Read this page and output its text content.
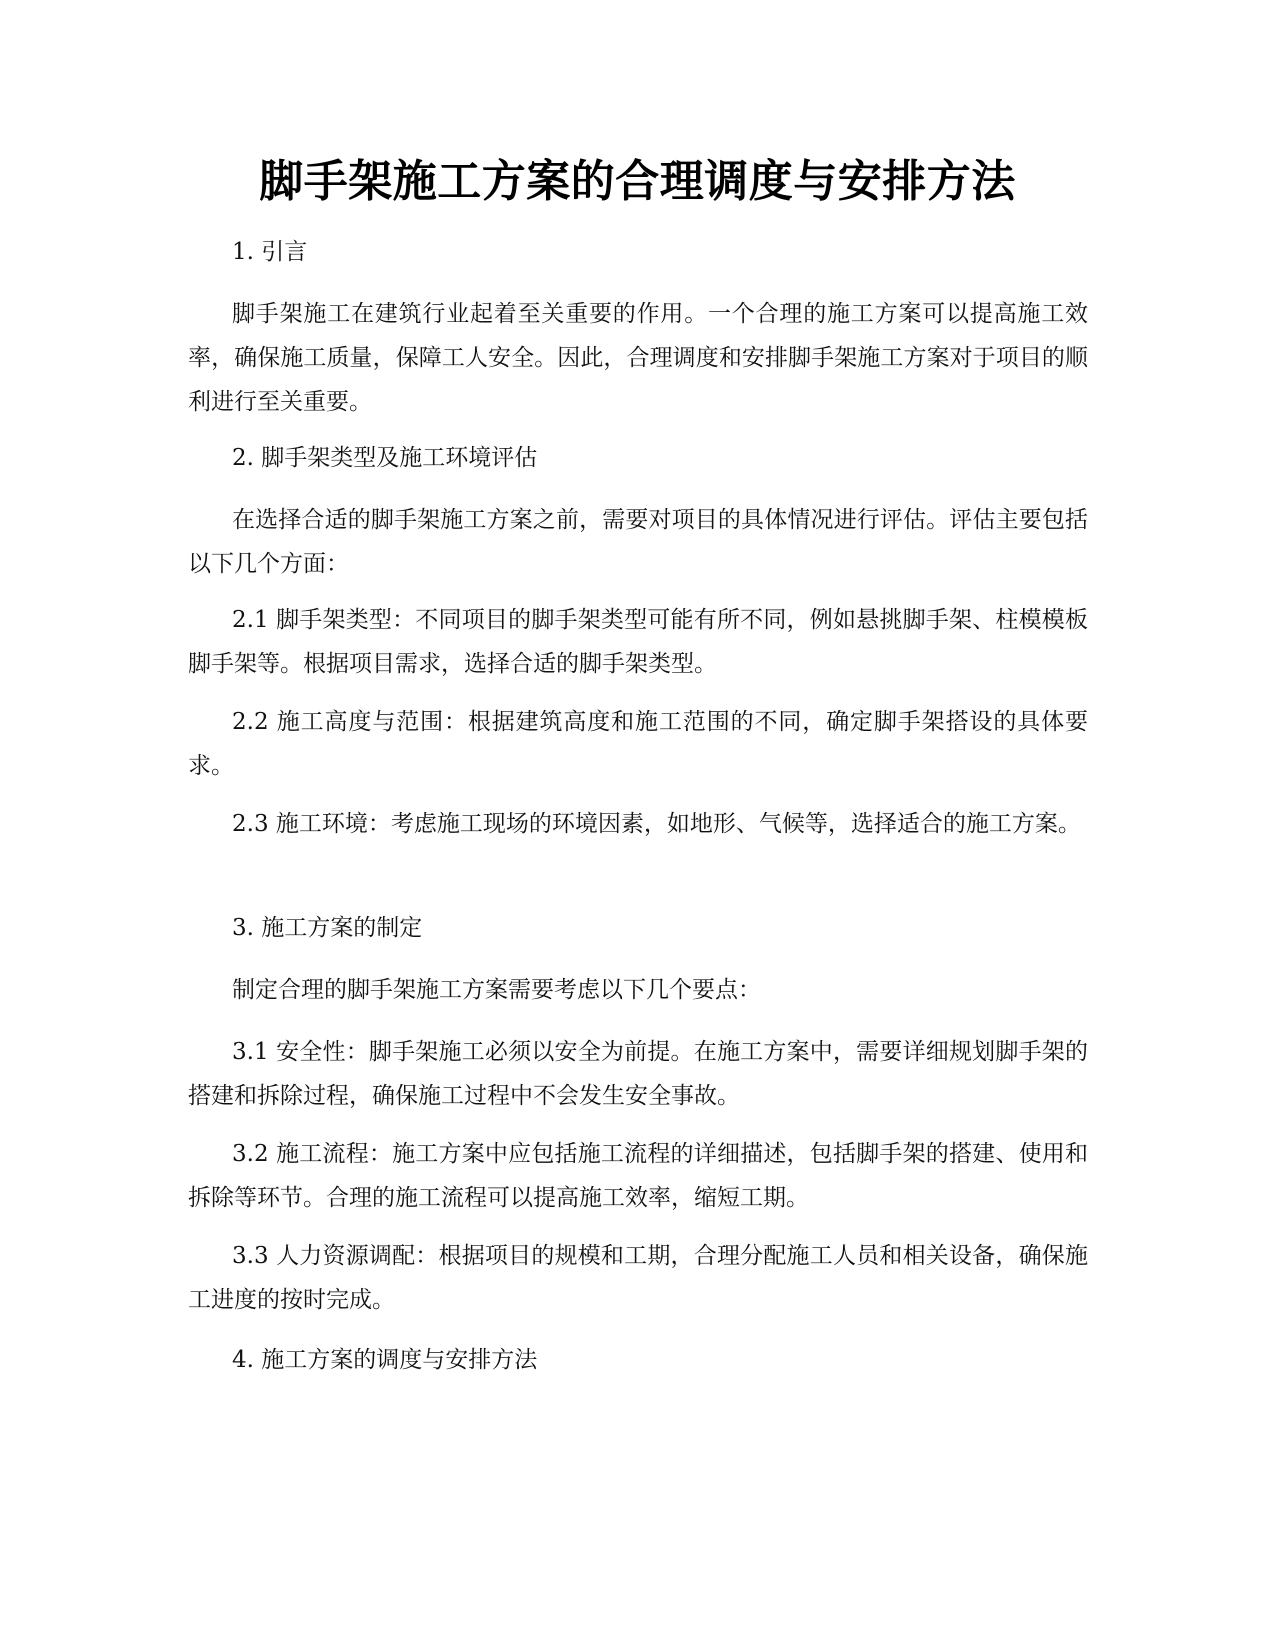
脚手架施工方案的合理调度与安排方法

1. 引言

脚手架施工在建筑行业起着至关重要的作用。一个合理的施工方案可以提高施工效率，确保施工质量，保障工人安全。因此，合理调度和安排脚手架施工方案对于项目的顺利进行至关重要。

2. 脚手架类型及施工环境评估

在选择合适的脚手架施工方案之前，需要对项目的具体情况进行评估。评估主要包括以下几个方面：

2.1 脚手架类型：不同项目的脚手架类型可能有所不同，例如悬挑脚手架、柱模模板脚手架等。根据项目需求，选择合适的脚手架类型。

2.2 施工高度与范围：根据建筑高度和施工范围的不同，确定脚手架搭设的具体要求。

2.3 施工环境：考虑施工现场的环境因素，如地形、气候等，选择适合的施工方案。

3. 施工方案的制定

制定合理的脚手架施工方案需要考虑以下几个要点：

3.1 安全性：脚手架施工必须以安全为前提。在施工方案中，需要详细规划脚手架的搭建和拆除过程，确保施工过程中不会发生安全事故。

3.2 施工流程：施工方案中应包括施工流程的详细描述，包括脚手架的搭建、使用和拆除等环节。合理的施工流程可以提高施工效率，缩短工期。

3.3 人力资源调配：根据项目的规模和工期，合理分配施工人员和相关设备，确保施工进度的按时完成。

4. 施工方案的调度与安排方法
